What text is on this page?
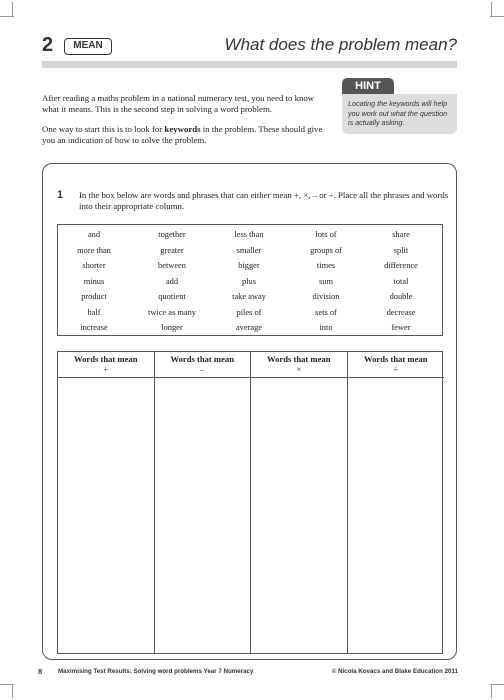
2	MEAN	What does the problem mean?

After reading a maths problem in a national numeracy test, you need to know what it means. This is the second step in solving a word problem.

One way to start this is to look for keywords in the problem. These should give you an indication of how to solve the problem.

HINT
Locating the keywords will help you work out what the question is actually asking.
1 In the box below are words and phrases that can either mean +, ×, – or ÷. Place all the phrases and words into their appropriate column.
and	together	less than	lots of	share
more than	greater	smaller	groups of	split
shorter	between	bigger	times	difference
minus	add	plus	sum	total
product	quotient	take away	division	double
half	twice as many	piles of	sets of	decrease
increase	longer	average	into	fewer
Words that mean
+
Words that mean
–
Words that mean
×
Words that mean
÷
8	Maximising Test Results: Solving word problems Year 7 Numeracy	© Nicola Kovacs and Blake Education 2011
